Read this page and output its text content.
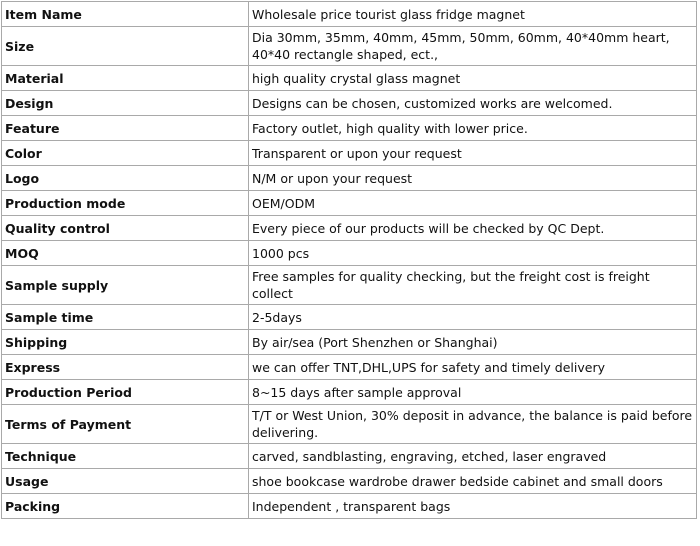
Item Name	Wholesale price tourist glass fridge magnet
Size	Dia 30mm, 35mm, 40mm, 45mm, 50mm, 60mm, 40*40mm heart, 40*40 rectangle shaped, ect.,
Material	high quality crystal glass magnet
Design	Designs can be chosen, customized works are welcomed.
Feature	Factory outlet, high quality with lower price.
Color	Transparent or upon your request
Logo	N/M or upon your request
Production mode	OEM/ODM
Quality control	Every piece of our products will be checked by QC Dept.
MOQ	1000 pcs
Sample supply	Free samples for quality checking, but the freight cost is freight collect
Sample time	2-5days
Shipping	By air/sea (Port Shenzhen or Shanghai)
Express	we can offer TNT,DHL,UPS for safety and timely delivery
Production Period	8~15 days after sample approval
Terms of Payment	T/T or West Union, 30% deposit in advance, the balance is paid before delivering.
Technique	carved, sandblasting, engraving, etched, laser engraved
Usage	shoe bookcase wardrobe drawer bedside cabinet and small doors
Packing	Independent , transparent bags
